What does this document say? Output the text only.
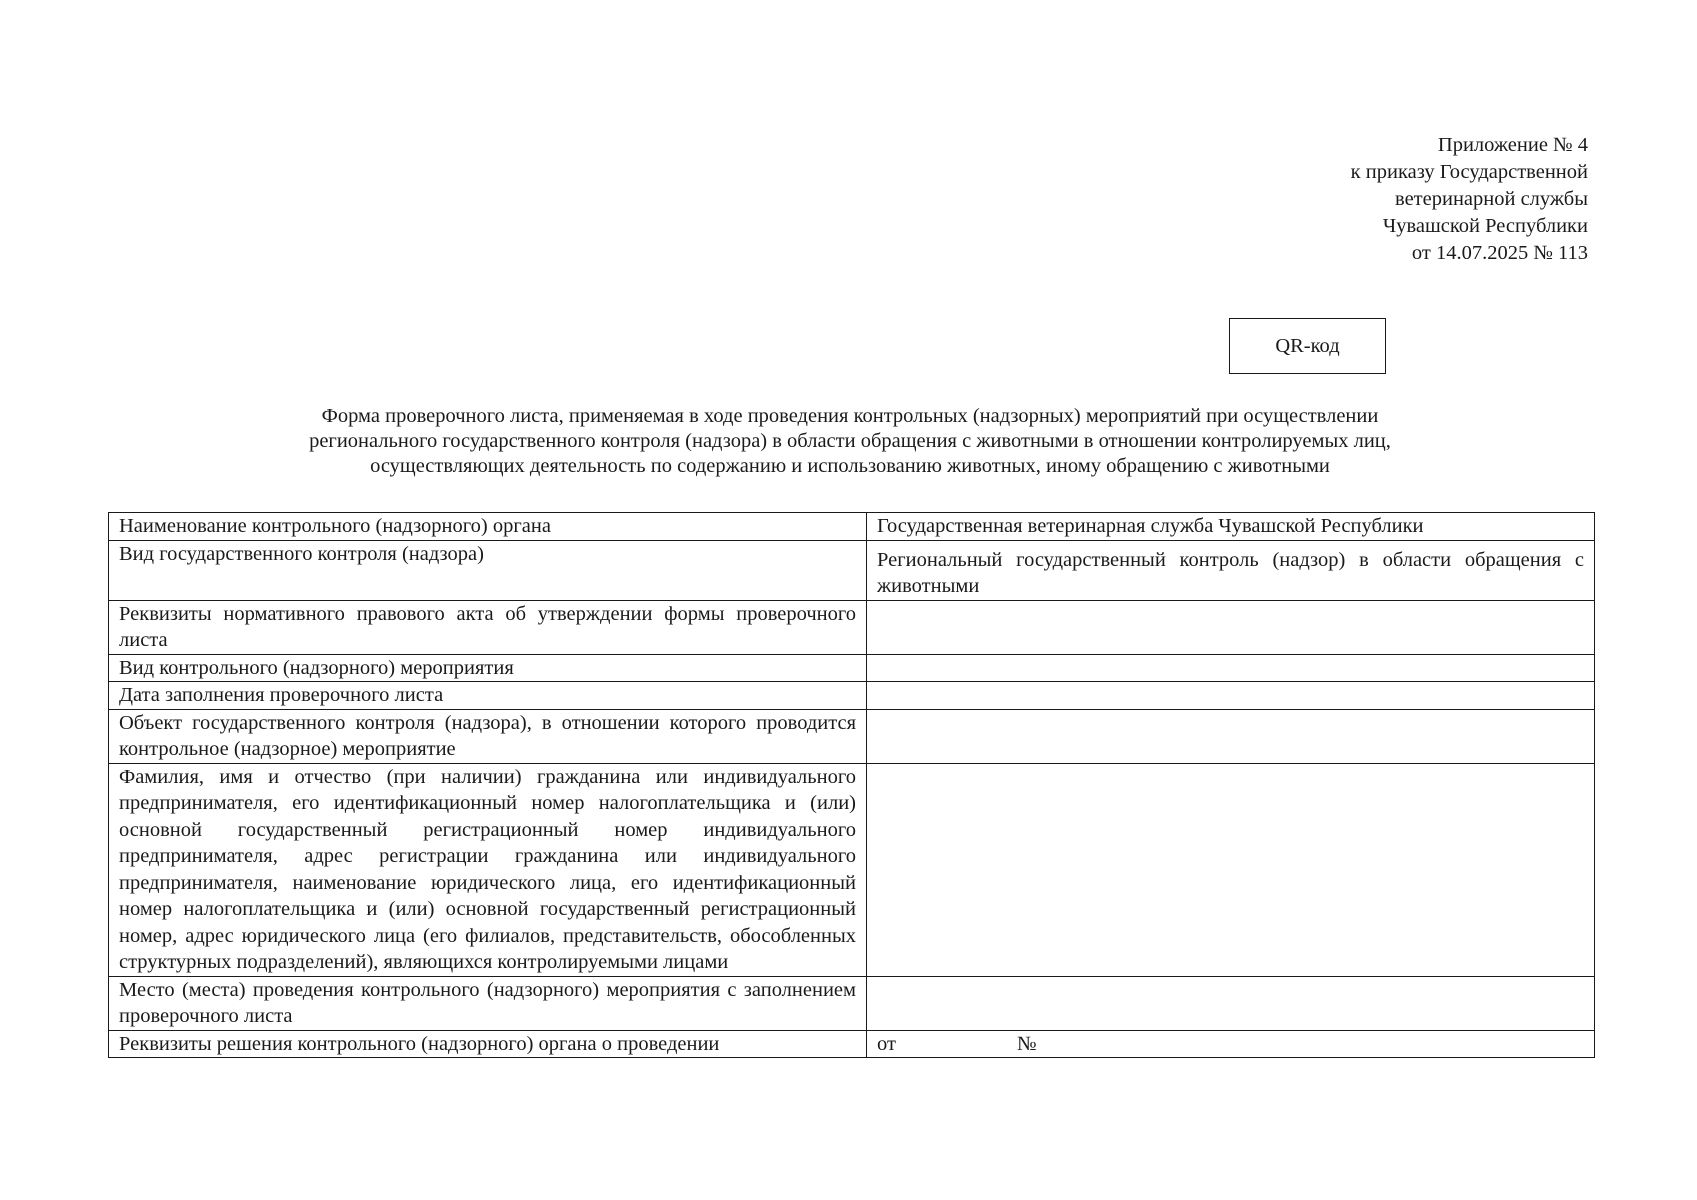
Приложение № 4
к приказу Государственной
ветеринарной службы
Чувашской Республики
от 14.07.2025 № 113
QR-код
Форма проверочного листа, применяемая в ходе проведения контрольных (надзорных) мероприятий при осуществлении
регионального государственного контроля (надзора) в области обращения с животными в отношении контролируемых лиц,
осуществляющих деятельность по содержанию и использованию животных, иному обращению с животными
Наименование контрольного (надзорного) органа	Государственная ветеринарная служба Чувашской Республики
Вид государственного контроля (надзора)	Региональный государственный контроль (надзор) в области обращения с животными
Реквизиты нормативного правового акта об утверждении формы проверочного листа	
Вид контрольного (надзорного) мероприятия	
Дата заполнения проверочного листа	
Объект государственного контроля (надзора), в отношении которого проводится контрольное (надзорное) мероприятие	
Фамилия, имя и отчество (при наличии) гражданина или индивидуального предпринимателя, его идентификационный номер налогоплательщика и (или) основной государственный регистрационный номер индивидуального предпринимателя, адрес регистрации гражданина или индивидуального предпринимателя, наименование юридического лица, его идентификационный номер налогоплательщика и (или) основной государственный регистрационный номер, адрес юридического лица (его филиалов, представительств, обособленных структурных подразделений), являющихся контролируемыми лицами	
Место (места) проведения контрольного (надзорного) мероприятия с заполнением проверочного листа	
Реквизиты решения контрольного (надзорного) органа о проведении	от №
